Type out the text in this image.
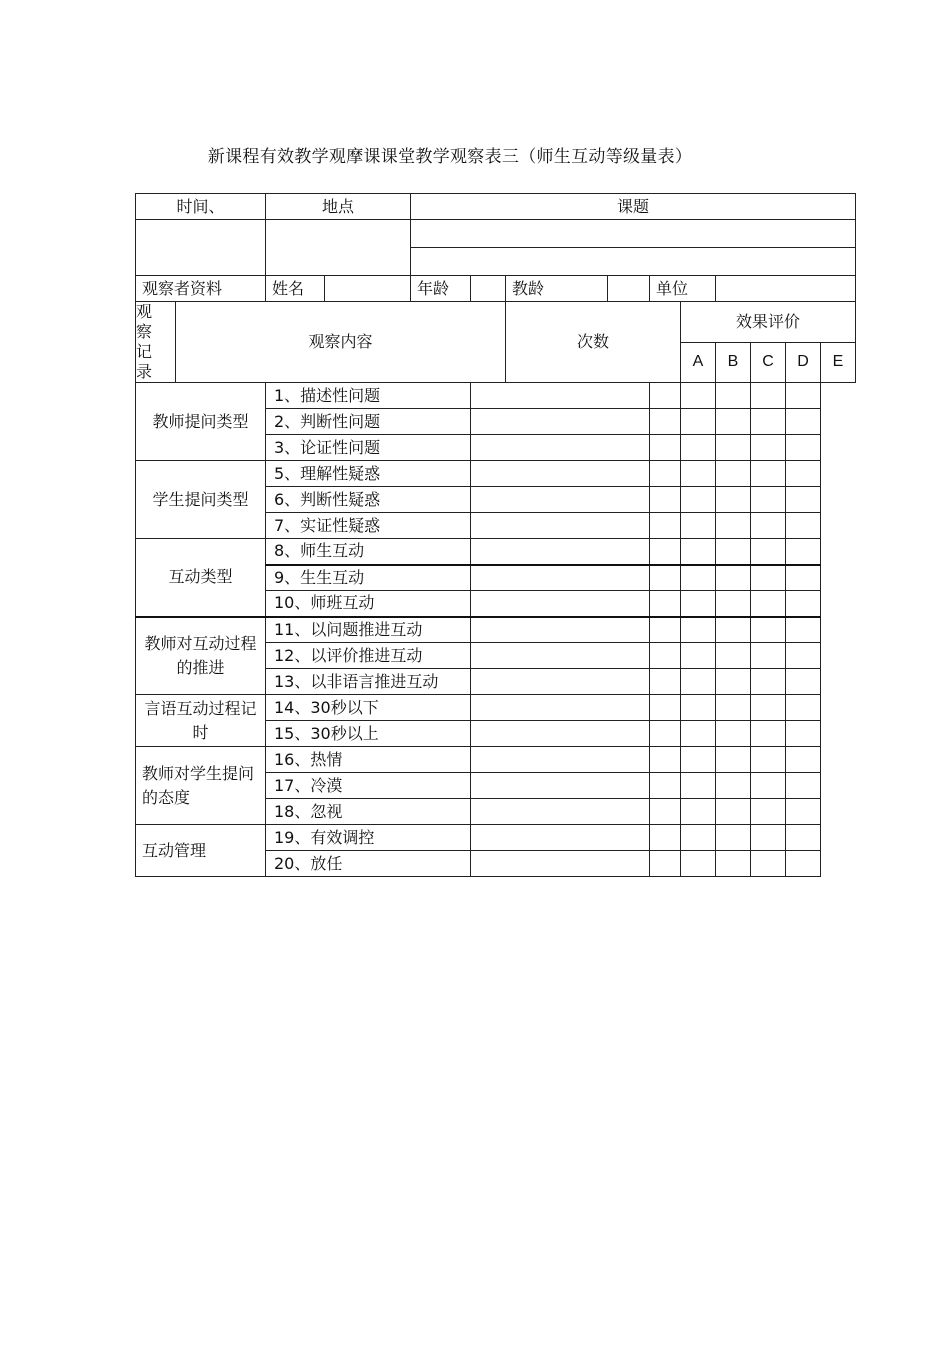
新课程有效教学观摩课课堂教学观察表三（师生互动等级量表）
时间、		地点		课题									

观察者资料		姓名		年龄		教龄		单位					

观
察
记
录	观察内容					次数			效果评价				
									A	B	C	D	E
教师提问类型		1、描述性问题											
		2、判断性问题											
		3、论证性问题											
学生提问类型		5、理解性疑惑											
		6、判断性疑惑											
		7、实证性疑惑											
互动类型		8、师生互动											
		9、生生互动											
		10、师班互动											
教师对互动过程的推进		11、以问题推进互动											
		12、以评价推进互动											
		13、以非语言推进互动											
言语互动过程记时		14、30秒以下											
		15、30秒以上											
教师对学生提问的态度		16、热情											
		17、冷漠											
		18、忽视											
互动管理		19、有效调控											
		20、放任											
